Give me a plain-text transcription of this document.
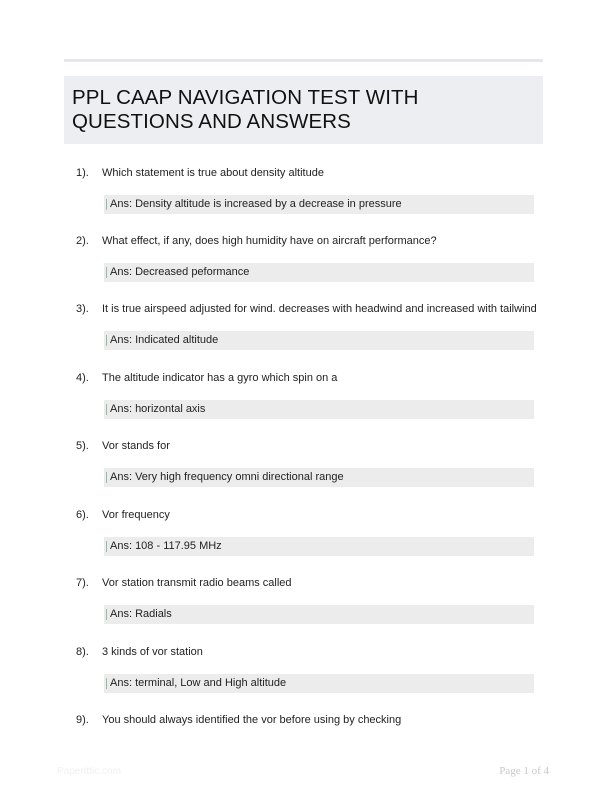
PPL CAAP NAVIGATION TEST WITH QUESTIONS AND ANSWERS
1). Which statement is true about density altitude
Ans: Density altitude is increased by a decrease in pressure
2). What effect, if any, does high humidity have on aircraft performance?
Ans: Decreased peformance
3). It is true airspeed adjusted for wind. decreases with headwind and increased with tailwind
Ans: Indicated altitude
4). The altitude indicator has a gyro which spin on a
Ans: horizontal axis
5). Vor stands for
Ans: Very high frequency omni directional range
6). Vor frequency
Ans: 108 - 117.95 MHz
7). Vor station transmit radio beams called
Ans: Radials
8). 3 kinds of vor station
Ans: terminal, Low and High altitude
9). You should always identified the vor before using by checking
Papertttic.com	Page 1 of 4
